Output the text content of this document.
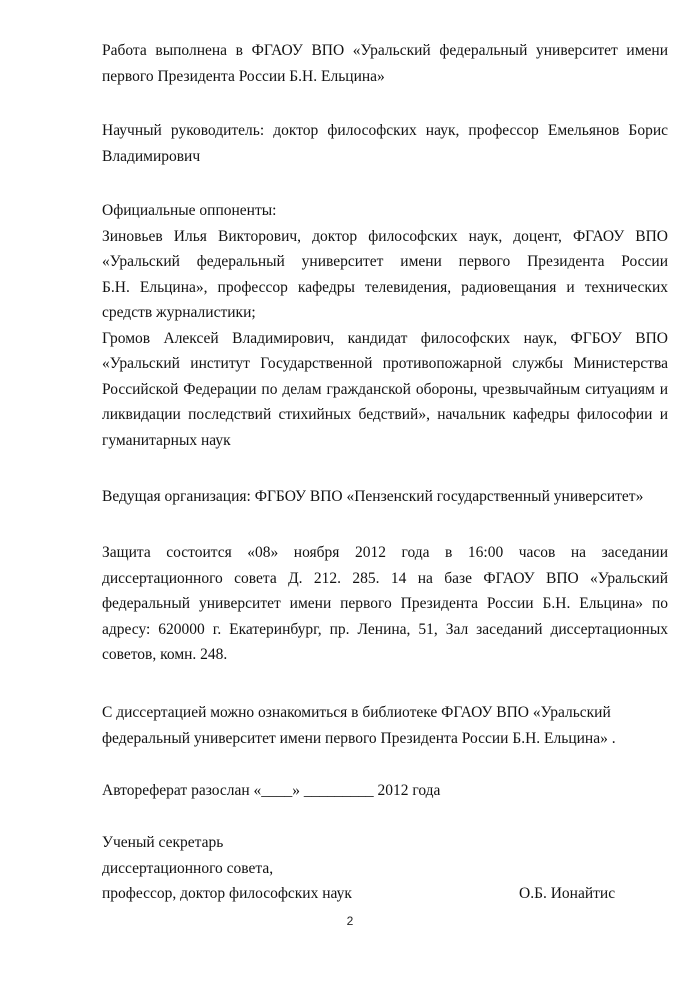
Работа выполнена в ФГАОУ ВПО «Уральский федеральный университет имени
первого Президента России Б.Н. Ельцина»
Научный руководитель: доктор философских наук, профессор Емельянов Борис
Владимирович
Официальные оппоненты:
Зиновьев Илья Викторович, доктор философских наук, доцент, ФГАОУ ВПО
«Уральский федеральный университет имени первого Президента России
Б.Н. Ельцина», профессор кафедры телевидения, радиовещания и технических
средств журналистики;
Громов Алексей Владимирович, кандидат философских наук, ФГБОУ ВПО
«Уральский институт Государственной противопожарной службы Министерства
Российской Федерации по делам гражданской обороны, чрезвычайным ситуациям и
ликвидации последствий стихийных бедствий», начальник кафедры философии и
гуманитарных наук
Ведущая организация: ФГБОУ ВПО «Пензенский государственный университет»
Защита состоится «08» ноября 2012 года в 16:00 часов на заседании
диссертационного совета Д. 212. 285. 14 на базе ФГАОУ ВПО «Уральский
федеральный университет имени первого Президента России Б.Н. Ельцина» по
адресу: 620000 г. Екатеринбург, пр. Ленина, 51, Зал заседаний диссертационных
советов, комн. 248.
С диссертацией можно ознакомиться в библиотеке ФГАОУ ВПО «Уральский
федеральный университет имени первого Президента России Б.Н. Ельцина» .
Автореферат разослан «____» _________ 2012 года
Ученый секретарь
диссертационного совета,
профессор, доктор философских наук	О.Б. Ионайтис
2
